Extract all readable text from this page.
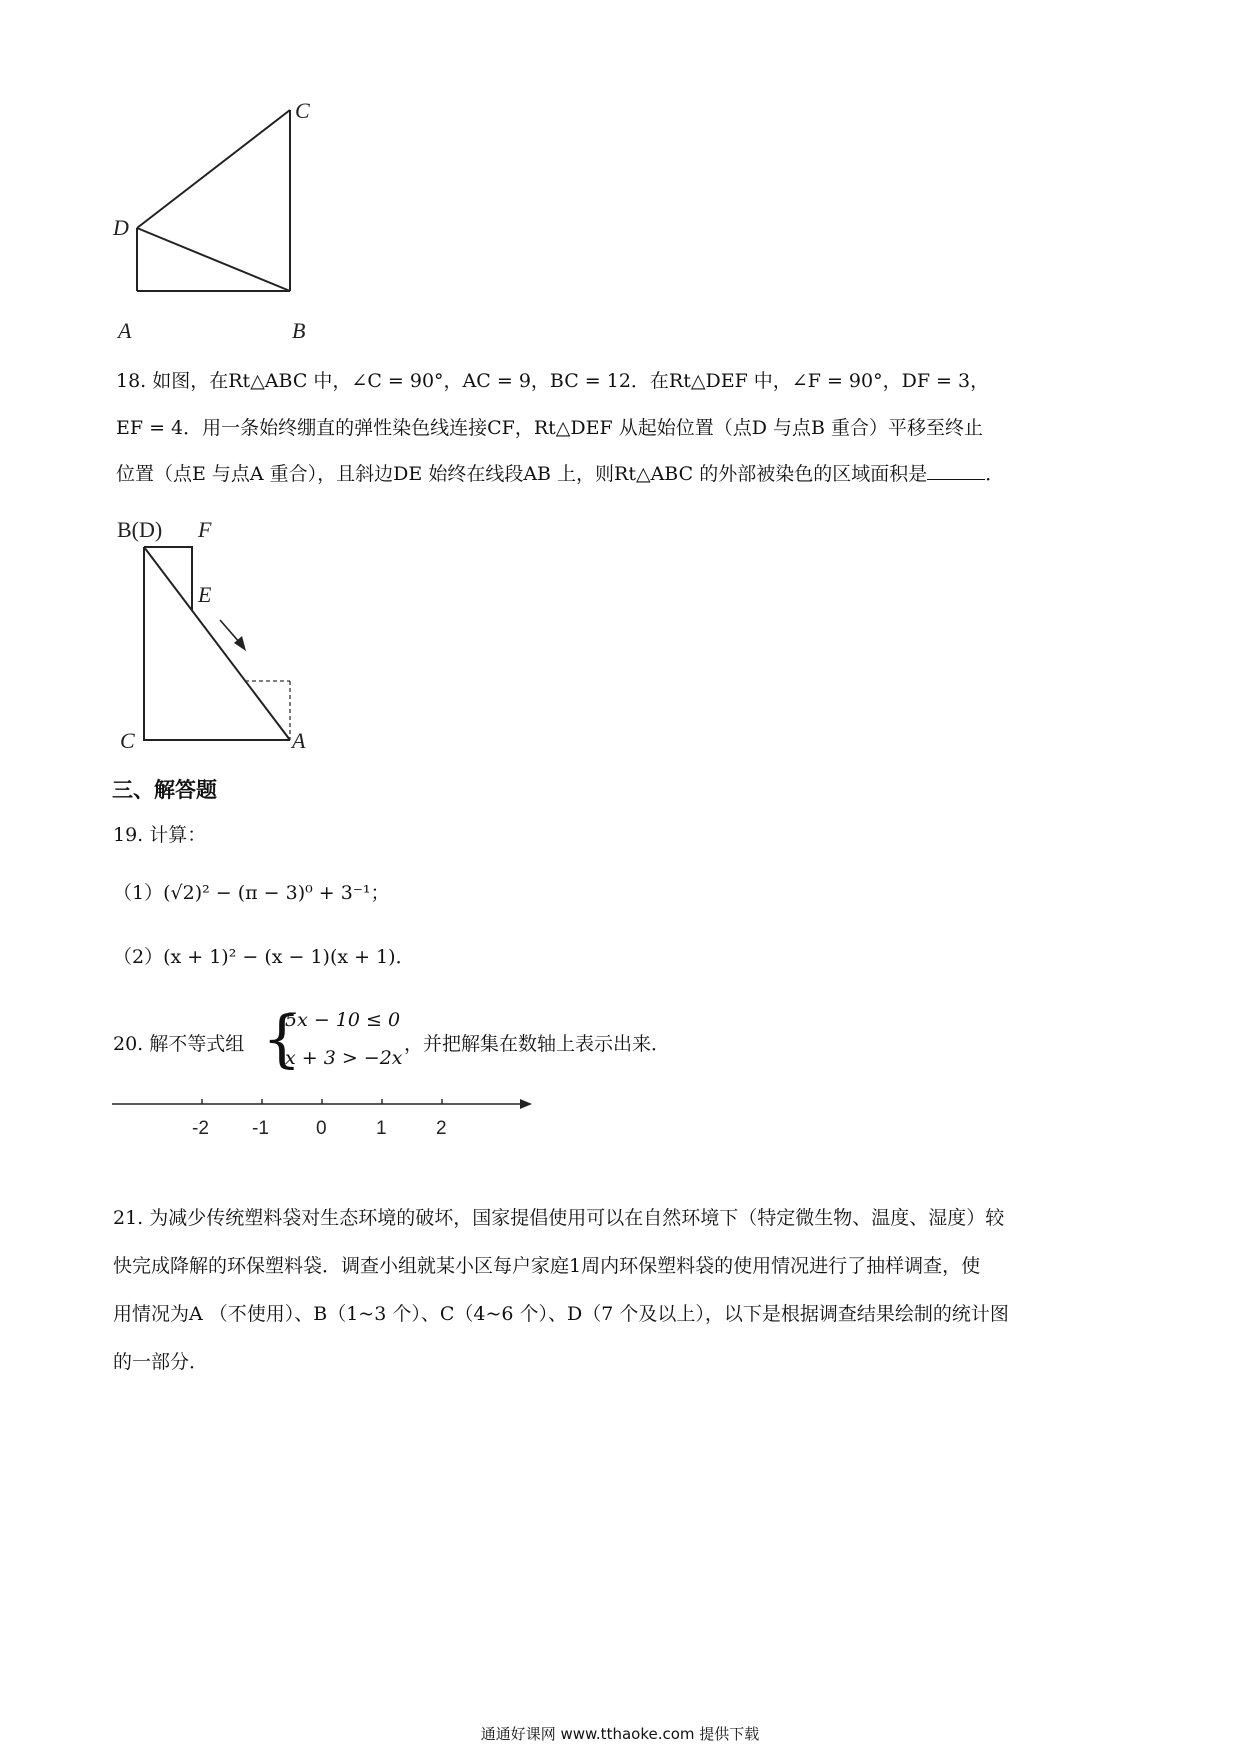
C
D
A	B
18. 如图，在Rt△ABC 中，∠C = 90°，AC = 9，BC = 12．在Rt△DEF 中，∠F = 90°，DF = 3，
EF = 4．用一条始终绷直的弹性染色线连接CF，Rt△DEF 从起始位置（点D 与点B 重合）平移至终止
位置（点E 与点A 重合），且斜边DE 始终在线段AB 上，则Rt△ABC 的外部被染色的区域面积是	．
B(D) F
E
C	A
三、解答题
19. 计算：
（1）(√2)² − (π − 3)⁰ + 3⁻¹；
（2）(x + 1)² − (x − 1)(x + 1)．
20. 解不等式组 {
5x − 10 ≤ 0
x + 3 > −2x
，并把解集在数轴上表示出来．
-2 -1 0	1	2
21. 为减少传统塑料袋对生态环境的破坏，国家提倡使用可以在自然环境下（特定微生物、温度、湿度）较
快完成降解的环保塑料袋．调查小组就某小区每户家庭1周内环保塑料袋的使用情况进行了抽样调查，使
用情况为A （不使用）、B（1~3 个）、C（4~6 个）、D（7 个及以上），以下是根据调查结果绘制的统计图
的一部分．
通通好课网 www.tthaoke.com 提供下载
